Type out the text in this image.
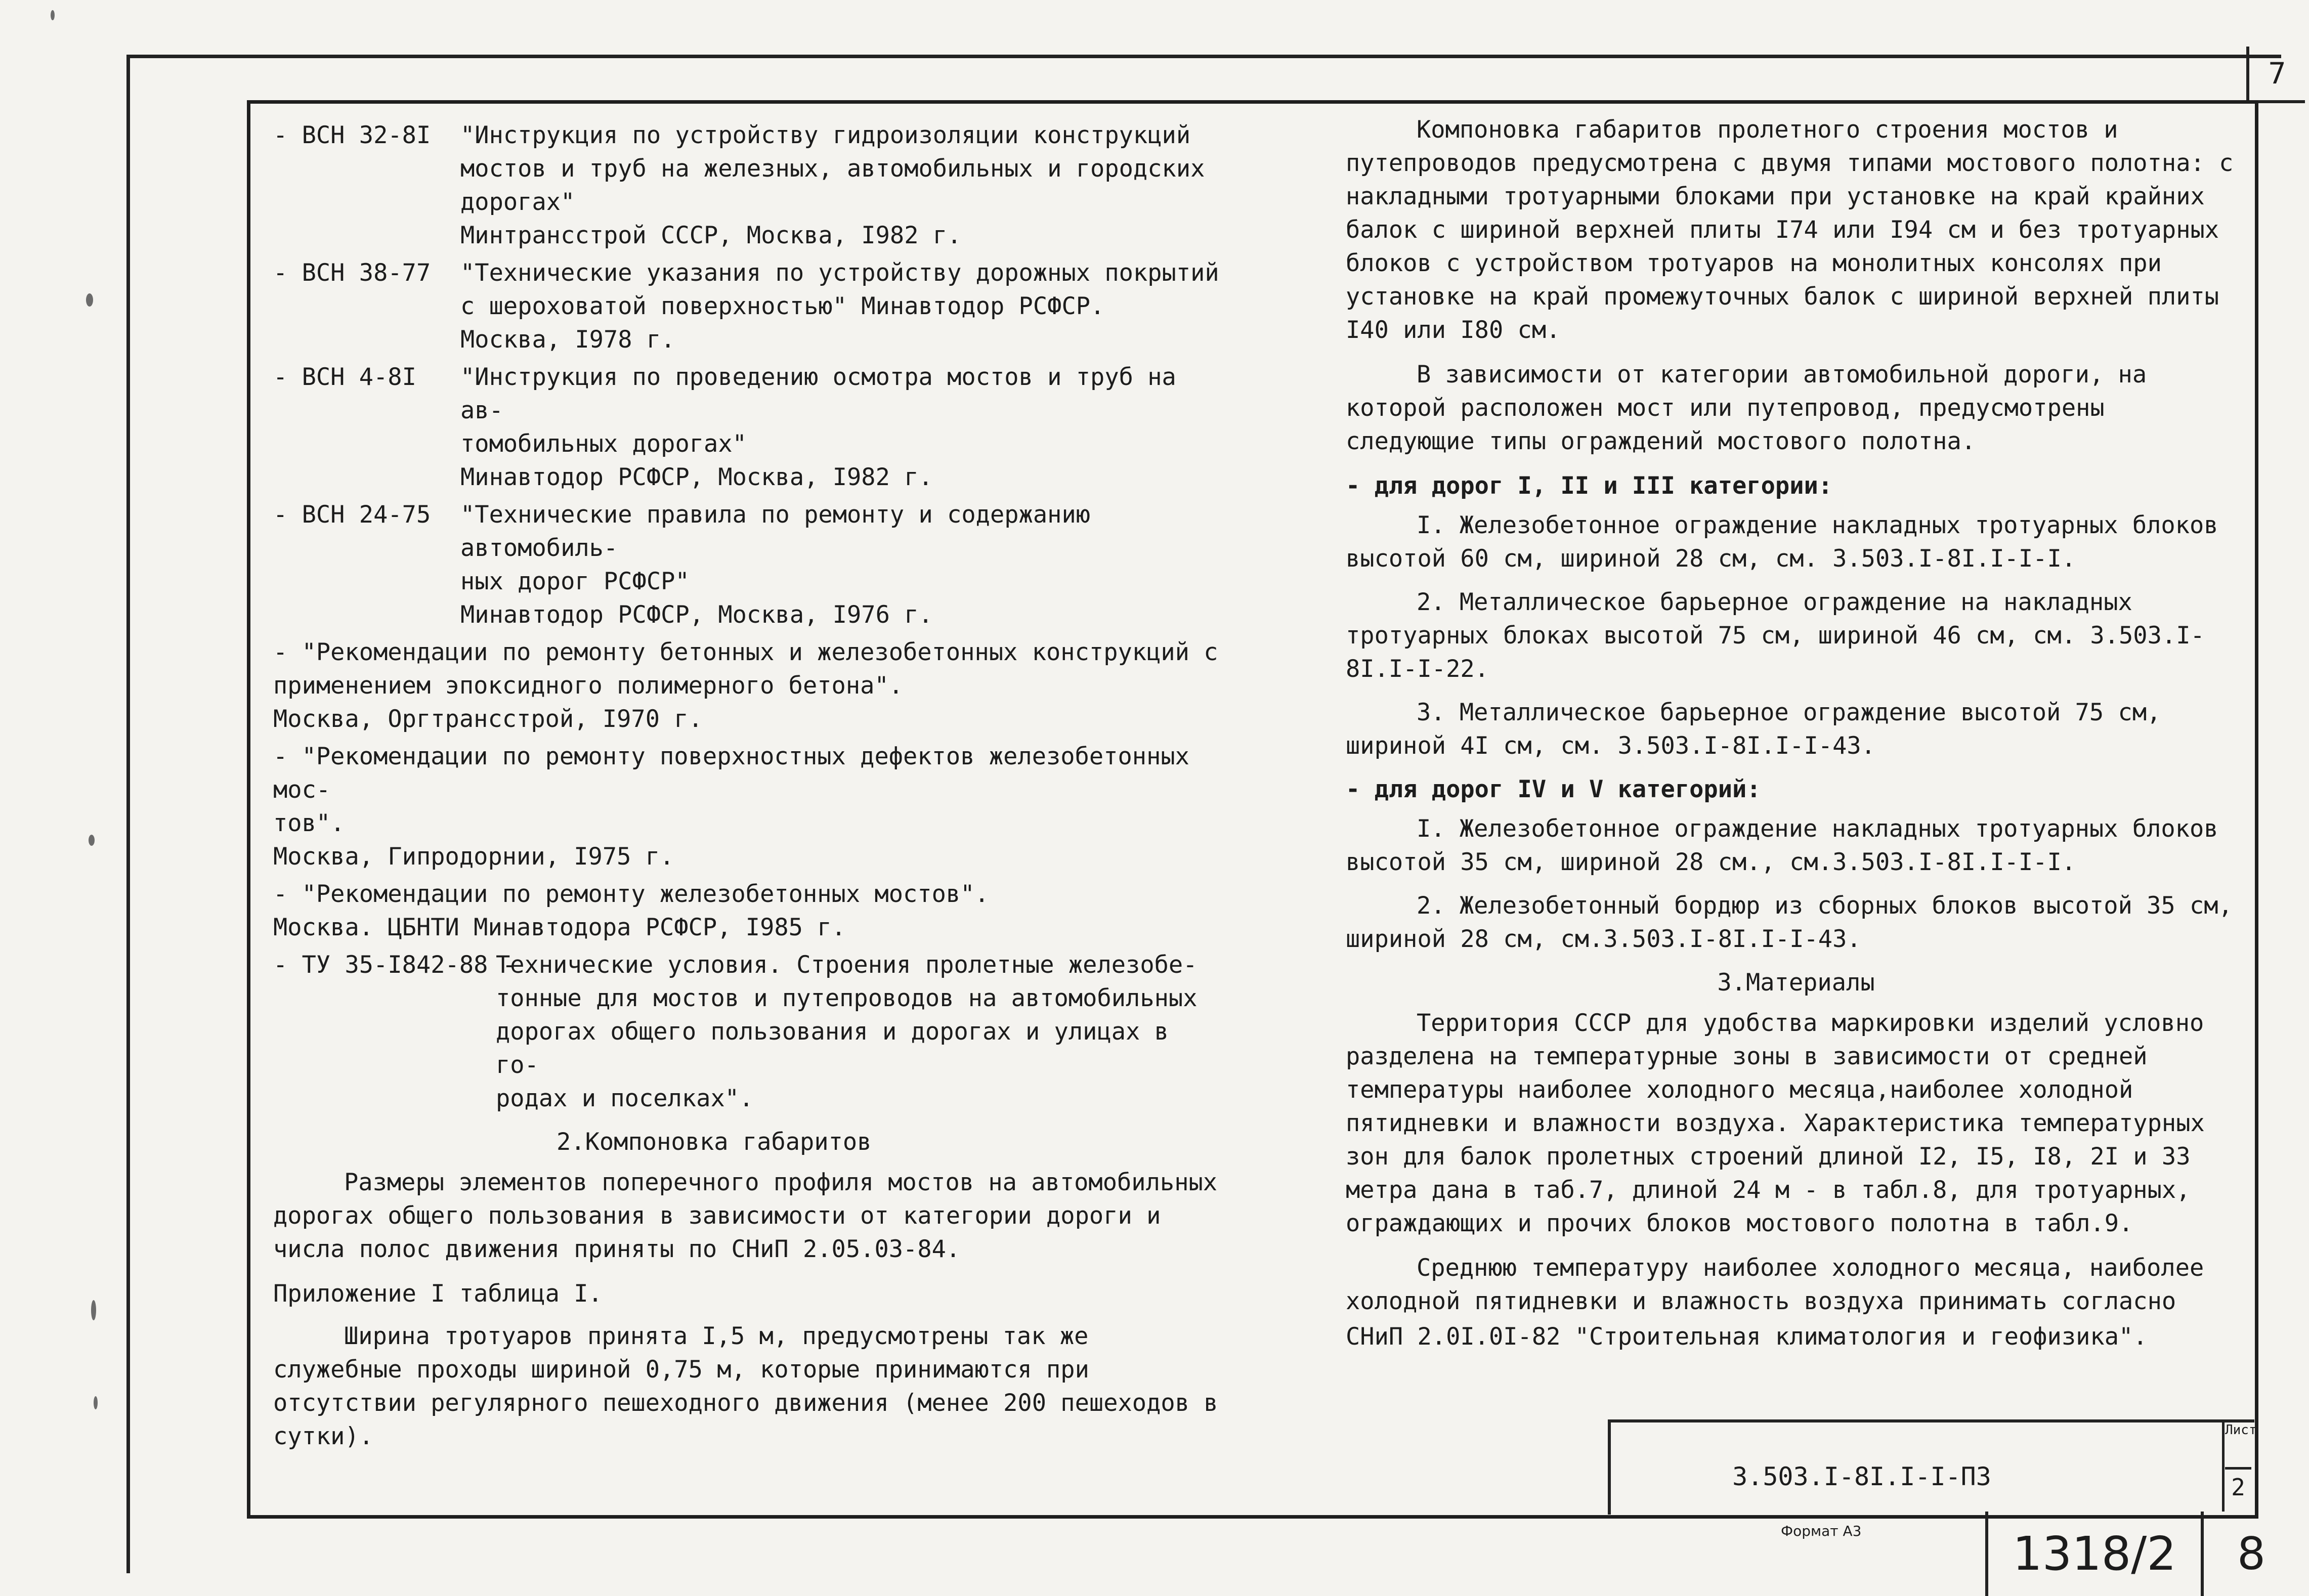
7
- ВСН 32-8I	"Инструкция по устройству гидроизоляции конструкций
мостов и труб на железных, автомобильных и городских
дорогах"
Минтрансстрой СССР, Москва, I982 г.
- ВСН 38-77	"Технические указания по устройству дорожных покрытий
с шероховатой поверхностью" Минавтодор РСФСР.
Москва, I978 г.
- ВСН 4-8I	"Инструкция по проведению осмотра мостов и труб на ав-
томобильных дорогах"
Минавтодор РСФСР, Москва, I982 г.
- ВСН 24-75	"Технические правила по ремонту и содержанию автомобиль-
ных дорог РСФСР"
Минавтодор РСФСР, Москва, I976 г.
- "Рекомендации по ремонту бетонных и железобетонных конструкций с
применением эпоксидного полимерного бетона".
Москва, Оргтрансстрой, I970 г.
- "Рекомендации по ремонту поверхностных дефектов железобетонных мос-
тов".
Москва, Гипродорнии, I975 г.
- "Рекомендации по ремонту железобетонных мостов".
Москва. ЦБНТИ Минавтодора РСФСР, I985 г.
- ТУ 35-I842-88 -
Технические условия. Строения пролетные железобе-
тонные для мостов и путепроводов на автомобильных
дорогах общего пользования и дорогах и улицах в го-
родах и поселках".
2.Компоновка габаритов
Размеры элементов поперечного профиля мостов на автомобильных дорогах общего пользования в зависимости от категории дороги и числа полос движения приняты по СНиП 2.05.03-84.
Приложение I таблица I.
Ширина тротуаров принята I,5 м, предусмотрены так же служебные проходы шириной 0,75 м, которые принимаются при отсутствии регулярного пешеходного движения (менее 200 пешеходов в сутки).
Компоновка габаритов пролетного строения мостов и путепроводов предусмотрена с двумя типами мостового полотна: с накладными тротуарными блоками при установке на край крайних балок с шириной верхней плиты I74 или I94 см и без тротуарных блоков с устройством тротуаров на монолитных консолях при установке на край промежуточных балок с шириной верхней плиты I40 или I80 см.
В зависимости от категории автомобильной дороги, на которой расположен мост или путепровод, предусмотрены следующие типы ограждений мостового полотна.
- для дорог I, II и III категории:
I. Железобетонное ограждение накладных тротуарных блоков высотой 60 см, шириной 28 см, см. 3.503.I-8I.I-I-I.
2. Металлическое барьерное ограждение на накладных тротуарных блоках высотой 75 см, шириной 46 см, см. 3.503.I-8I.I-I-22.
3. Металлическое барьерное ограждение высотой 75 см, шириной 4I см, см. 3.503.I-8I.I-I-43.
- для дорог IV и V категорий:
I. Железобетонное ограждение накладных тротуарных блоков высотой 35 см, шириной 28 см., см.3.503.I-8I.I-I-I.
2. Железобетонный бордюр из сборных блоков высотой 35 см, шириной 28 см, см.3.503.I-8I.I-I-43.
3.Материалы
Территория СССР для удобства маркировки изделий условно разделена на температурные зоны в зависимости от средней температуры наиболее холодного месяца,наиболее холодной пятидневки и влажности воздуха. Характеристика температурных зон для балок пролетных строений длиной I2, I5, I8, 2I и 33 метра дана в таб.7, длиной 24 м - в табл.8, для тротуарных, ограждающих и прочих блоков мостового полотна в табл.9.
Среднюю температуру наиболее холодного месяца, наиболее холодной пятидневки и влажность воздуха принимать согласно
СНиП 2.0I.0I-82 "Строительная климатология и геофизика".
3.503.I-8I.I-I-ПЗ
Лист
2
Формат А3	1318/2	8
